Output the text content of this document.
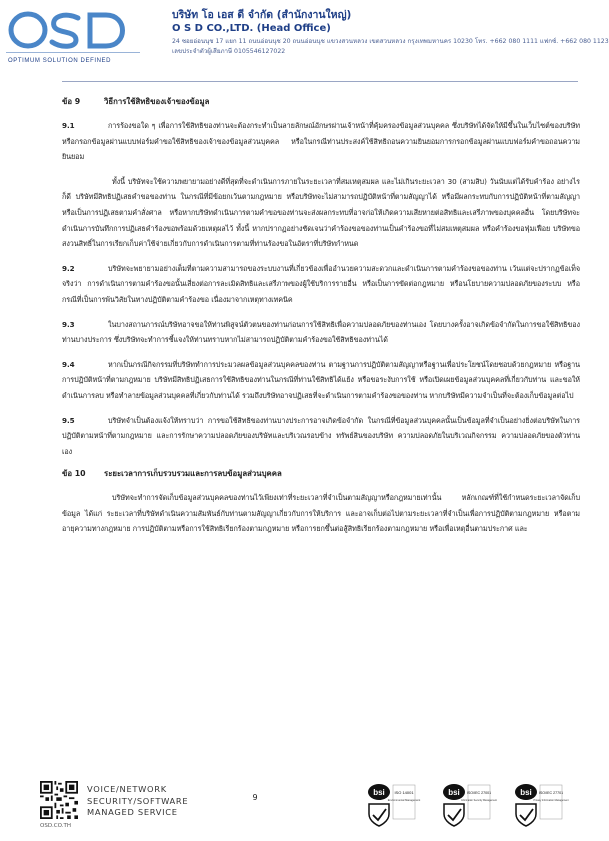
OPTIMUM SOLUTION DEFINED
บริษัท โอ เอส ดี จำกัด (สำนักงานใหญ่)
O S D CO.,LTD. (Head Office)
24 ซอยอ่อนนุช 17 แยก 11 ถนนอ่อนนุช 20 ถนนอ่อนนุช แขวงสวนหลวง เขตสวนหลวง กรุงเทพมหานคร 10230 โทร. +662 080 1111 แฟกซ์. +662 080 1123
เลขประจำตัวผู้เสียภาษี 0105546127022
ข้อ 9	วิธีการใช้สิทธิของเจ้าของข้อมูล
9.1	การร้องขอใด ๆ เพื่อการใช้สิทธิของท่านจะต้องกระทำเป็นลายลักษณ์อักษรผ่านเจ้าหน้าที่คุ้มครองข้อมูลส่วนบุคคล ซึ่งบริษัทได้จัดให้มีขึ้นในเว็บไซต์ของบริษัท หรือกรอกข้อมูลผ่านแบบฟอร์มคำขอใช้สิทธิของเจ้าของข้อมูลส่วนบุคคล หรือในกรณีท่านประสงค์ใช้สิทธิถอนความยินยอมการกรอกข้อมูลผ่านแบบฟอร์มคำขอถอนความยินยอม
ทั้งนี้ บริษัทจะใช้ความพยายามอย่างดีที่สุดที่จะดำเนินการภายในระยะเวลาที่สมเหตุสมผล และไม่เกินระยะเวลา 30 (สามสิบ) วันนับแต่ได้รับคำร้อง อย่างไรก็ดี บริษัทมีสิทธิปฏิเสธคำขอของท่าน ในกรณีที่มีข้อยกเว้นตามกฎหมาย หรือบริษัทจะไม่สามารถปฏิบัติหน้าที่ตามสัญญาได้ หรือมีผลกระทบกับการปฏิบัติหน้าที่ตามสัญญา หรือเป็นการปฏิเสธตามคำสั่งศาล หรือหากบริษัทดำเนินการตามคำขอของท่านจะส่งผลกระทบที่อาจก่อให้เกิดความเสียหายต่อสิทธิและเสรีภาพของบุคคลอื่น โดยบริษัทจะดำเนินการบันทึกการปฏิเสธคำร้องขอพร้อมด้วยเหตุผลไว้ ทั้งนี้ หากปรากฏอย่างชัดเจนว่าคำร้องขอของท่านเป็นคำร้องขอที่ไม่สมเหตุสมผล หรือคำร้องขอฟุ่มเฟือย บริษัทขอสงวนสิทธิ์ในการเรียกเก็บค่าใช้จ่ายเกี่ยวกับการดำเนินการตามที่ท่านร้องขอในอัตราที่บริษัทกำหนด
9.2	บริษัทจะพยายามอย่างเต็มที่ตามความสามารถของระบบงานที่เกี่ยวข้องเพื่ออำนวยความสะดวกและดำเนินการตามคำร้องขอของท่าน เว้นแต่จะปรากฏข้อเท็จจริงว่า การดำเนินการตามคำร้องขอนั้นเสี่ยงต่อการละเมิดสิทธิและเสรีภาพของผู้ใช้บริการรายอื่น หรือเป็นการขัดต่อกฎหมาย หรือนโยบายความปลอดภัยของระบบ หรือกรณีที่เป็นการพ้นวิสัยในทางปฏิบัติตามคำร้องขอ เนื่องมาจากเหตุทางเทคนิค
9.3	ในบางสถานการณ์บริษัทอาจขอให้ท่านพิสูจน์ตัวตนของท่านก่อนการใช้สิทธิเพื่อความปลอดภัยของท่านเอง โดยบางครั้งอาจเกิดข้อจำกัดในการขอใช้สิทธิของท่านบางประการ ซึ่งบริษัทจะทำการชี้แจงให้ท่านทราบหากไม่สามารถปฏิบัติตามคำร้องขอใช้สิทธิของท่านได้
9.4	หากเป็นกรณีกิจกรรมที่บริษัททำการประมวลผลข้อมูลส่วนบุคคลของท่าน ตามฐานการปฏิบัติตามสัญญาหรือฐานเพื่อประโยชน์โดยชอบด้วยกฎหมาย หรือฐานการปฏิบัติหน้าที่ตามกฎหมาย บริษัทมีสิทธิปฏิเสธการใช้สิทธิของท่านในกรณีที่ท่านใช้สิทธิได้แย้ง หรือขอระงับการใช้ หรือเปิดเผยข้อมูลส่วนบุคคลที่เกี่ยวกับท่าน และขอให้ดำเนินการลบ หรือทำลายข้อมูลส่วนบุคคลที่เกี่ยวกับท่านได้ รวมถึงบริษัทอาจปฏิเสธที่จะดำเนินการตามคำร้องขอของท่าน หากบริษัทมีความจำเป็นที่จะต้องเก็บข้อมูลต่อไป
9.5	บริษัทจำเป็นต้องแจ้งให้ทราบว่า การขอใช้สิทธิของท่านบางประการอาจเกิดข้อจำกัด ในกรณีที่ข้อมูลส่วนบุคคลนั้นเป็นข้อมูลที่จำเป็นอย่างยิ่งต่อบริษัทในการปฏิบัติตามหน้าที่ตามกฎหมาย และการรักษาความปลอดภัยของบริษัทและบริเวณรอบข้าง ทรัพย์สินของบริษัท ความปลอดภัยในบริเวณกิจกรรม ความปลอดภัยของตัวท่านเอง
ข้อ 10 ระยะเวลาการเก็บรวบรวมและการลบข้อมูลส่วนบุคคล
บริษัทจะทำการจัดเก็บข้อมูลส่วนบุคคลของท่านไว้เพียงเท่าที่ระยะเวลาที่จำเป็นตามสัญญาหรือกฎหมายเท่านั้น หลักเกณฑ์ที่ใช้กำหนดระยะเวลาจัดเก็บข้อมูล ได้แก่ ระยะเวลาที่บริษัทดำเนินความสัมพันธ์กับท่านตามสัญญาเกี่ยวกับการให้บริการ และอาจเก็บต่อไปตามระยะเวลาที่จำเป็นเพื่อการปฏิบัติตามกฎหมาย หรือตามอายุความทางกฎหมาย การปฏิบัติตามหรือการใช้สิทธิเรียกร้องตามกฎหมาย หรือการยกขึ้นต่อสู้สิทธิเรียกร้องตามกฎหมาย หรือเพื่อเหตุอื่นตามประกาศ และ
OSD.CO.TH
VOICE/NETWORK
SECURITY/SOFTWARE
MANAGED SERVICE
9
bsi ISO 14001
Environmental Management
bsi ISO/IEC 27001
Information Security Management
bsi ISO/IEC 27701
Privacy Information Management
